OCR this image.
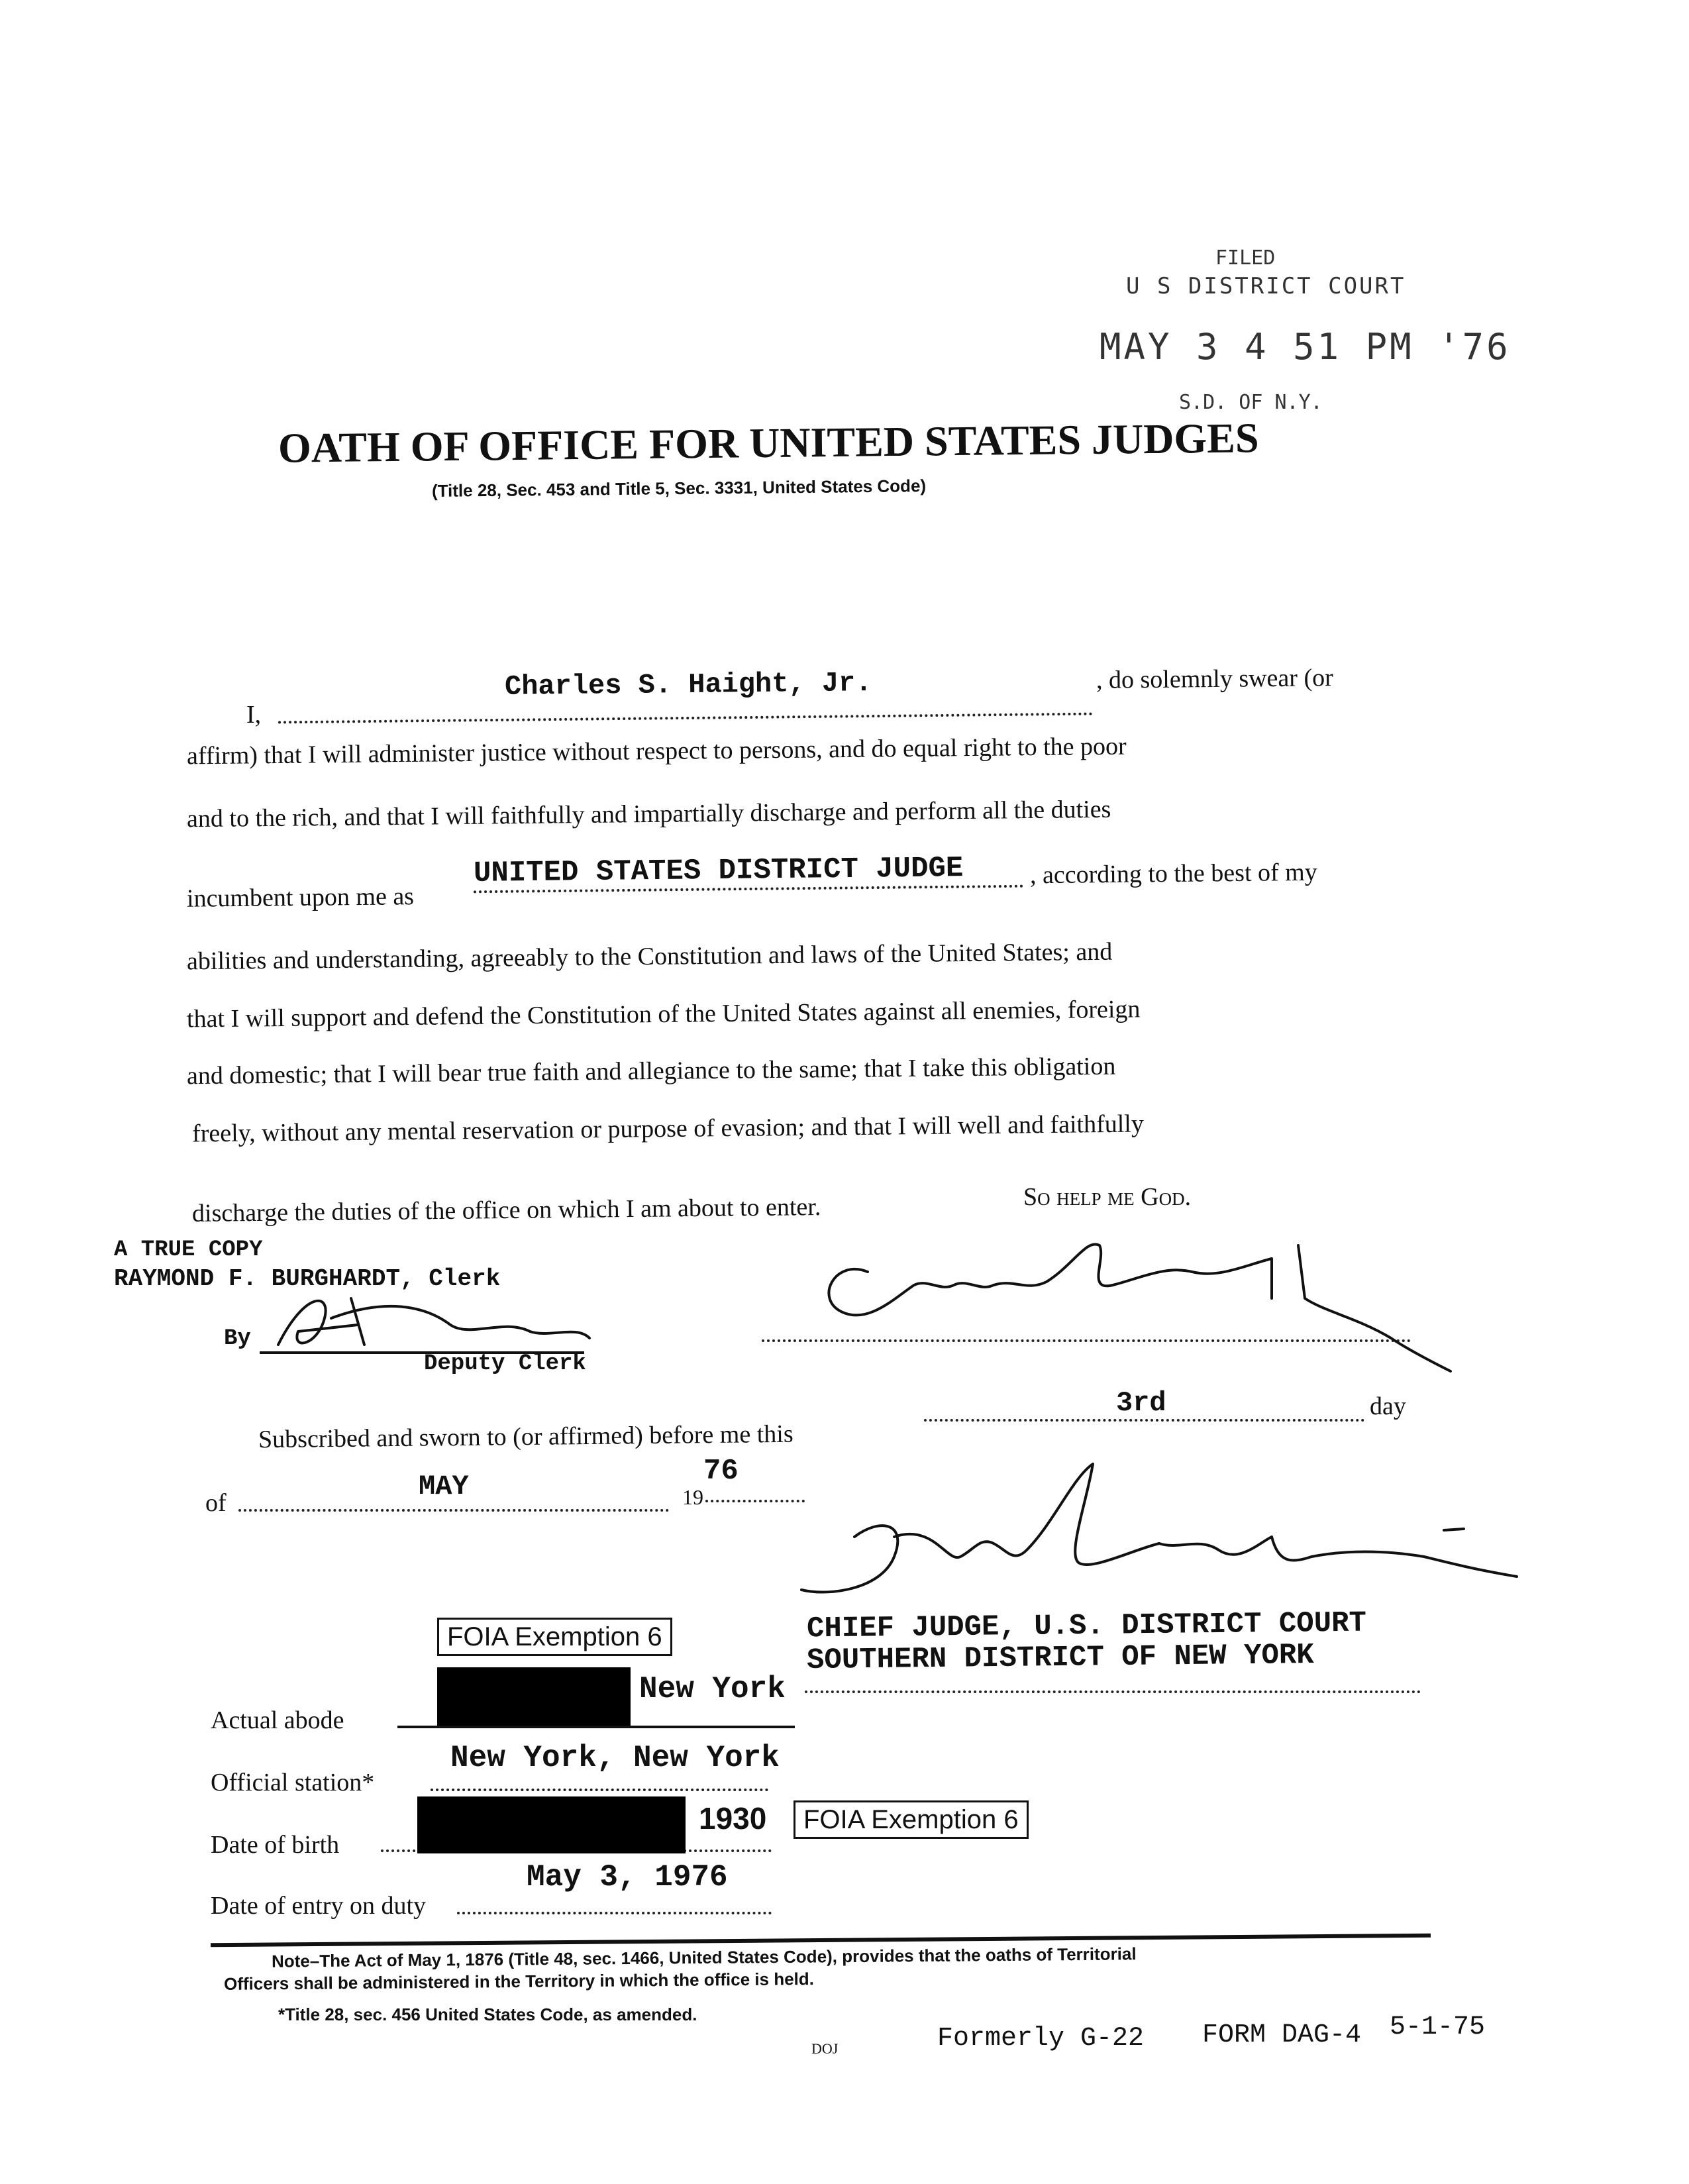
FILED
U S DISTRICT COURT
MAY 3 4 51 PM '76
S.D. OF N.Y.
OATH OF OFFICE FOR UNITED STATES JUDGES
(Title 28, Sec. 453 and Title 5, Sec. 3331, United States Code)
I,
Charles S. Haight, Jr.	, do solemnly swear (or
affirm) that I will administer justice without respect to persons, and do equal right to the poor
and to the rich, and that I will faithfully and impartially discharge and perform all the duties
incumbent upon me as
UNITED STATES DISTRICT JUDGE	, according to the best of my
abilities and understanding, agreeably to the Constitution and laws of the United States; and
that I will support and defend the Constitution of the United States against all enemies, foreign
and domestic; that I will bear true faith and allegiance to the same; that I take this obligation
freely, without any mental reservation or purpose of evasion; and that I will well and faithfully
discharge the duties of the office on which I am about to enter.	So help me God.
A TRUE COPY
RAYMOND F. BURGHARDT, Clerk
By
Deputy Clerk
Subscribed and sworn to (or affirmed) before me this
3rd	day
of
MAY	19
76
FOIA Exemption 6	CHIEF JUDGE, U.S. DISTRICT COURT
SOUTHERN DISTRICT OF NEW YORK
Actual abode
New York
Official station*
New York, New York
Date of birth
1930	FOIA Exemption 6
Date of entry on duty
May 3, 1976
Note–The Act of May 1, 1876 (Title 48, sec. 1466, United States Code), provides that the oaths of Territorial
Officers shall be administered in the Territory in which the office is held.
*Title 28, sec. 456 United States Code, as amended.
DOJ	Formerly G-22 FORM DAG-4 5-1-75
